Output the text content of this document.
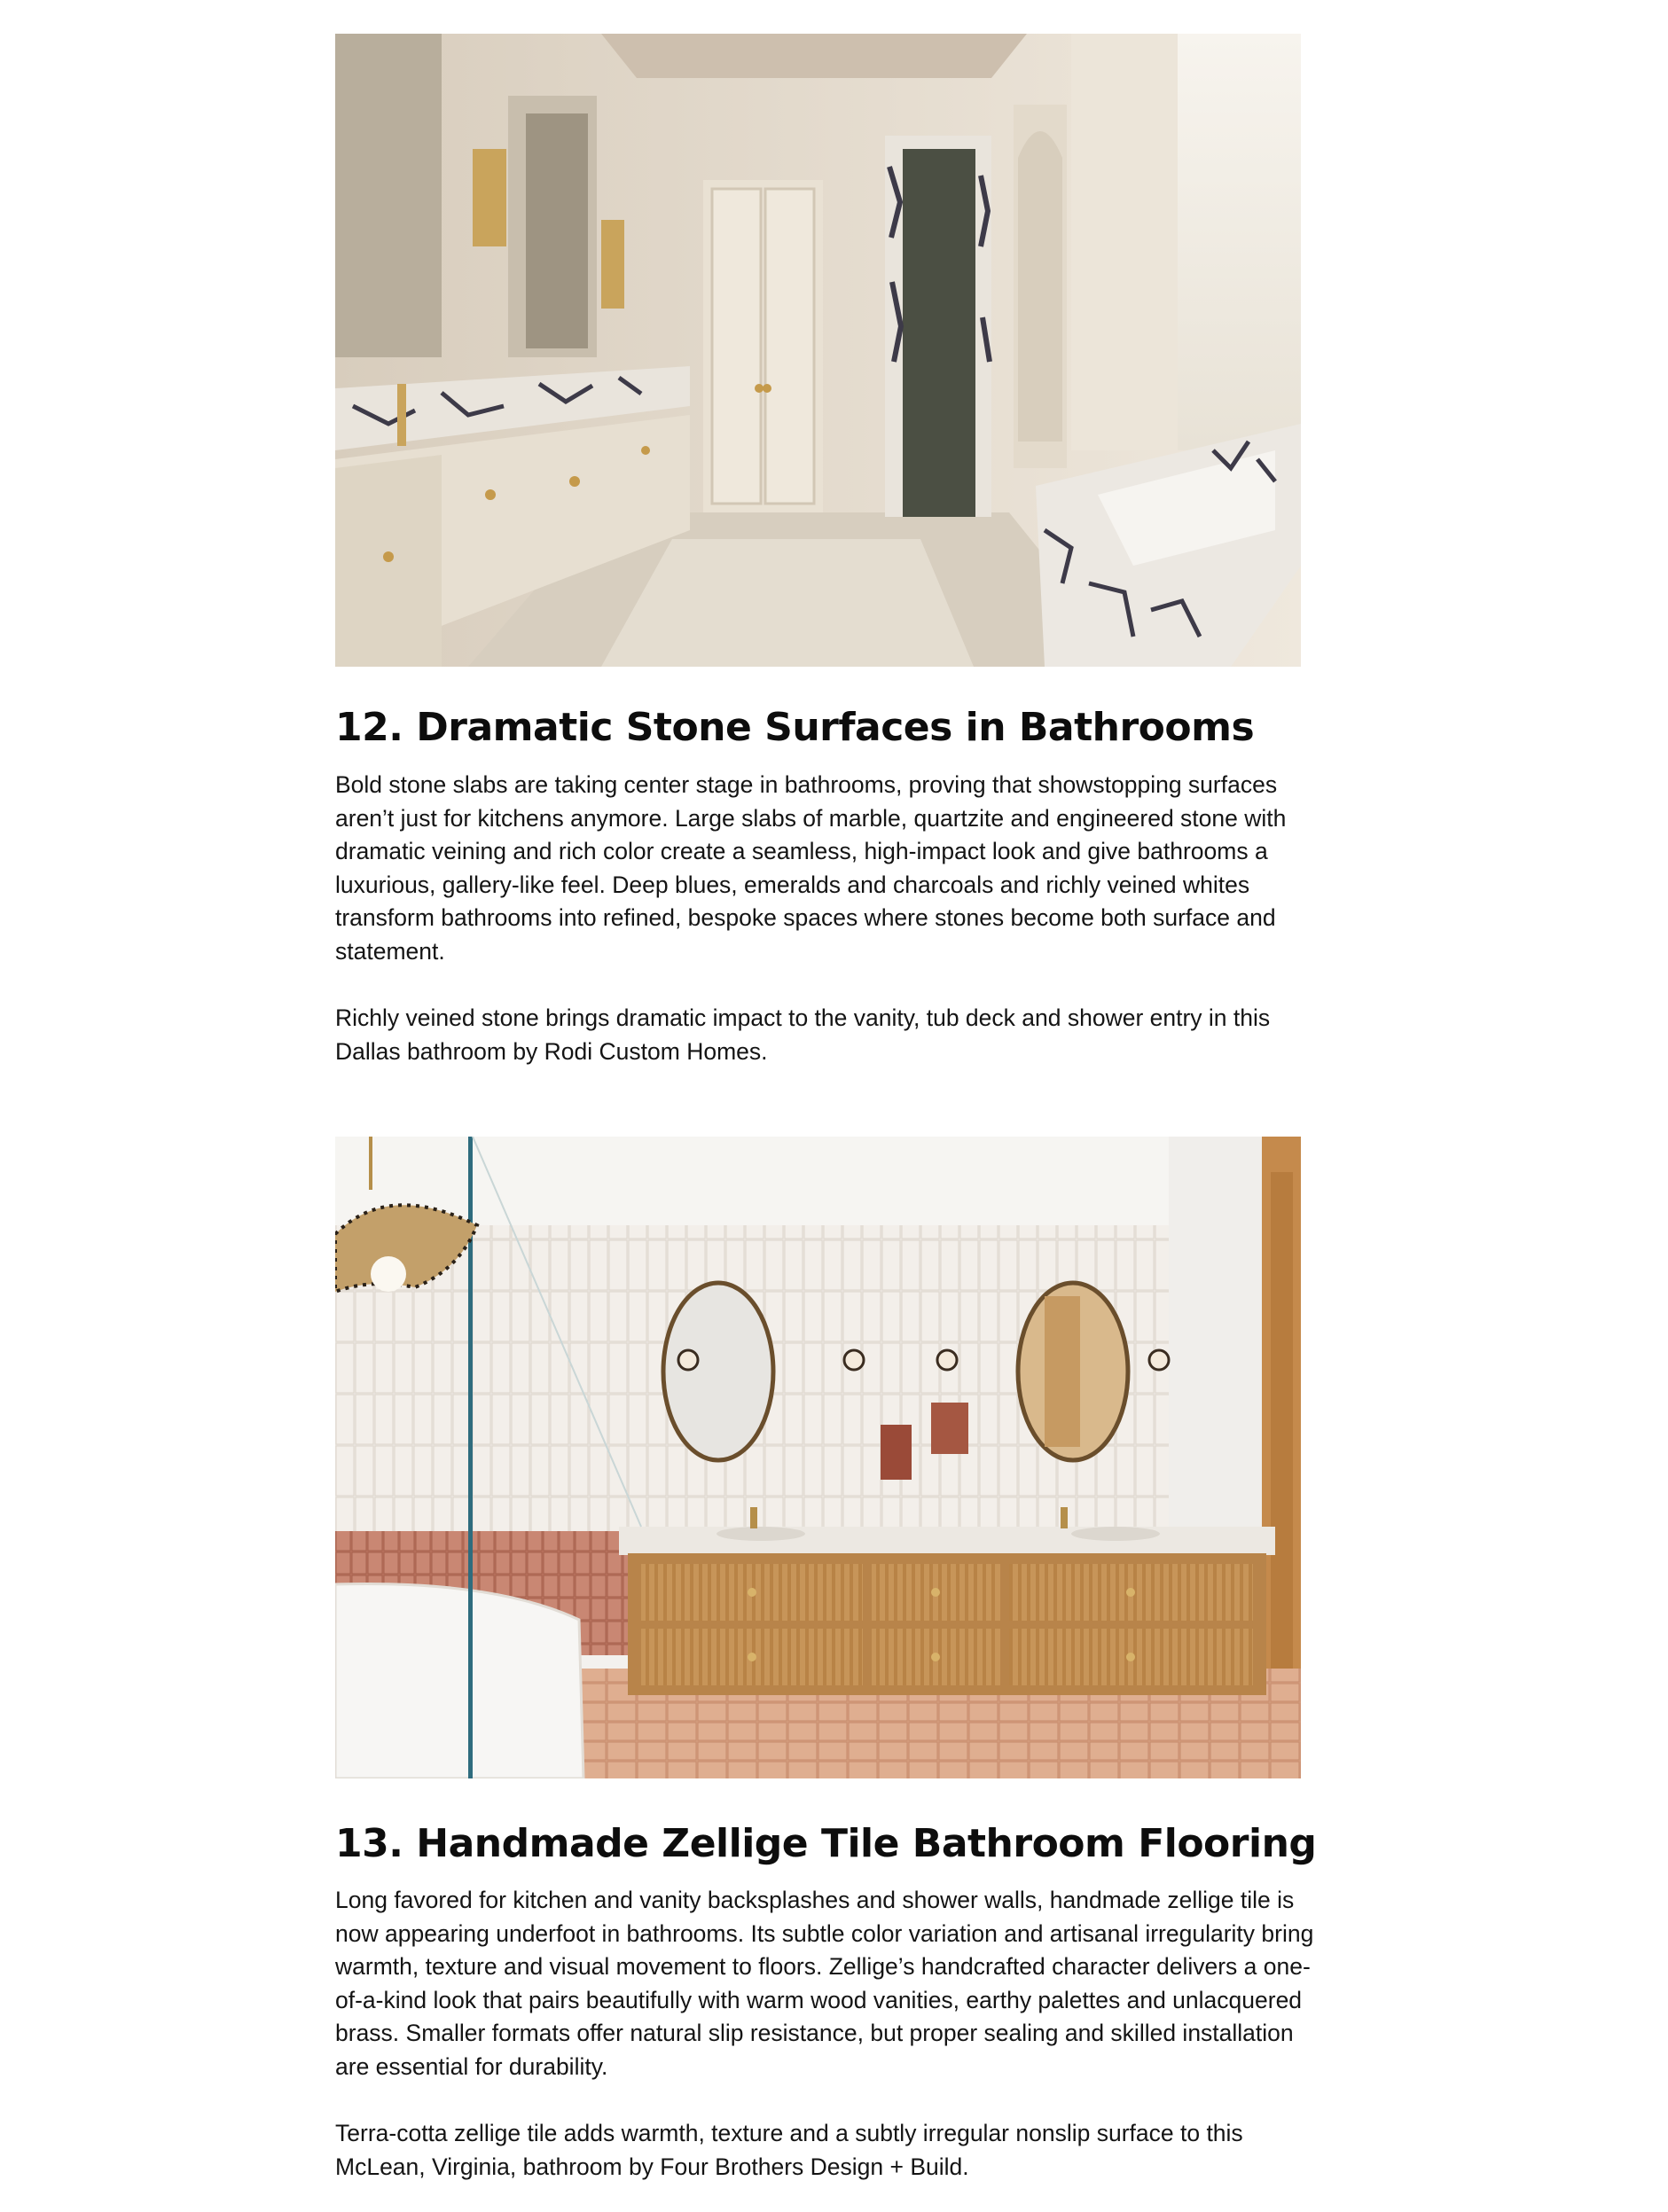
12. Dramatic Stone Surfaces in Bathrooms

Bold stone slabs are taking center stage in bathrooms, proving that showstopping surfaces aren’t just for kitchens anymore. Large slabs of marble, quartzite and engineered stone with dramatic veining and rich color create a seamless, high-impact look and give bathrooms a luxurious, gallery-like feel. Deep blues, emeralds and charcoals and richly veined whites transform bathrooms into refined, bespoke spaces where stones become both surface and statement.

Richly veined stone brings dramatic impact to the vanity, tub deck and shower entry in this Dallas bathroom by Rodi Custom Homes.

13. Handmade Zellige Tile Bathroom Flooring

Long favored for kitchen and vanity backsplashes and shower walls, handmade zellige tile is now appearing underfoot in bathrooms. Its subtle color variation and artisanal irregularity bring warmth, texture and visual movement to floors. Zellige’s handcrafted character delivers a one-of-a-kind look that pairs beautifully with warm wood vanities, earthy palettes and unlacquered brass. Smaller formats offer natural slip resistance, but proper sealing and skilled installation are essential for durability.

Terra-cotta zellige tile adds warmth, texture and a subtly irregular nonslip surface to this McLean, Virginia, bathroom by Four Brothers Design + Build.
